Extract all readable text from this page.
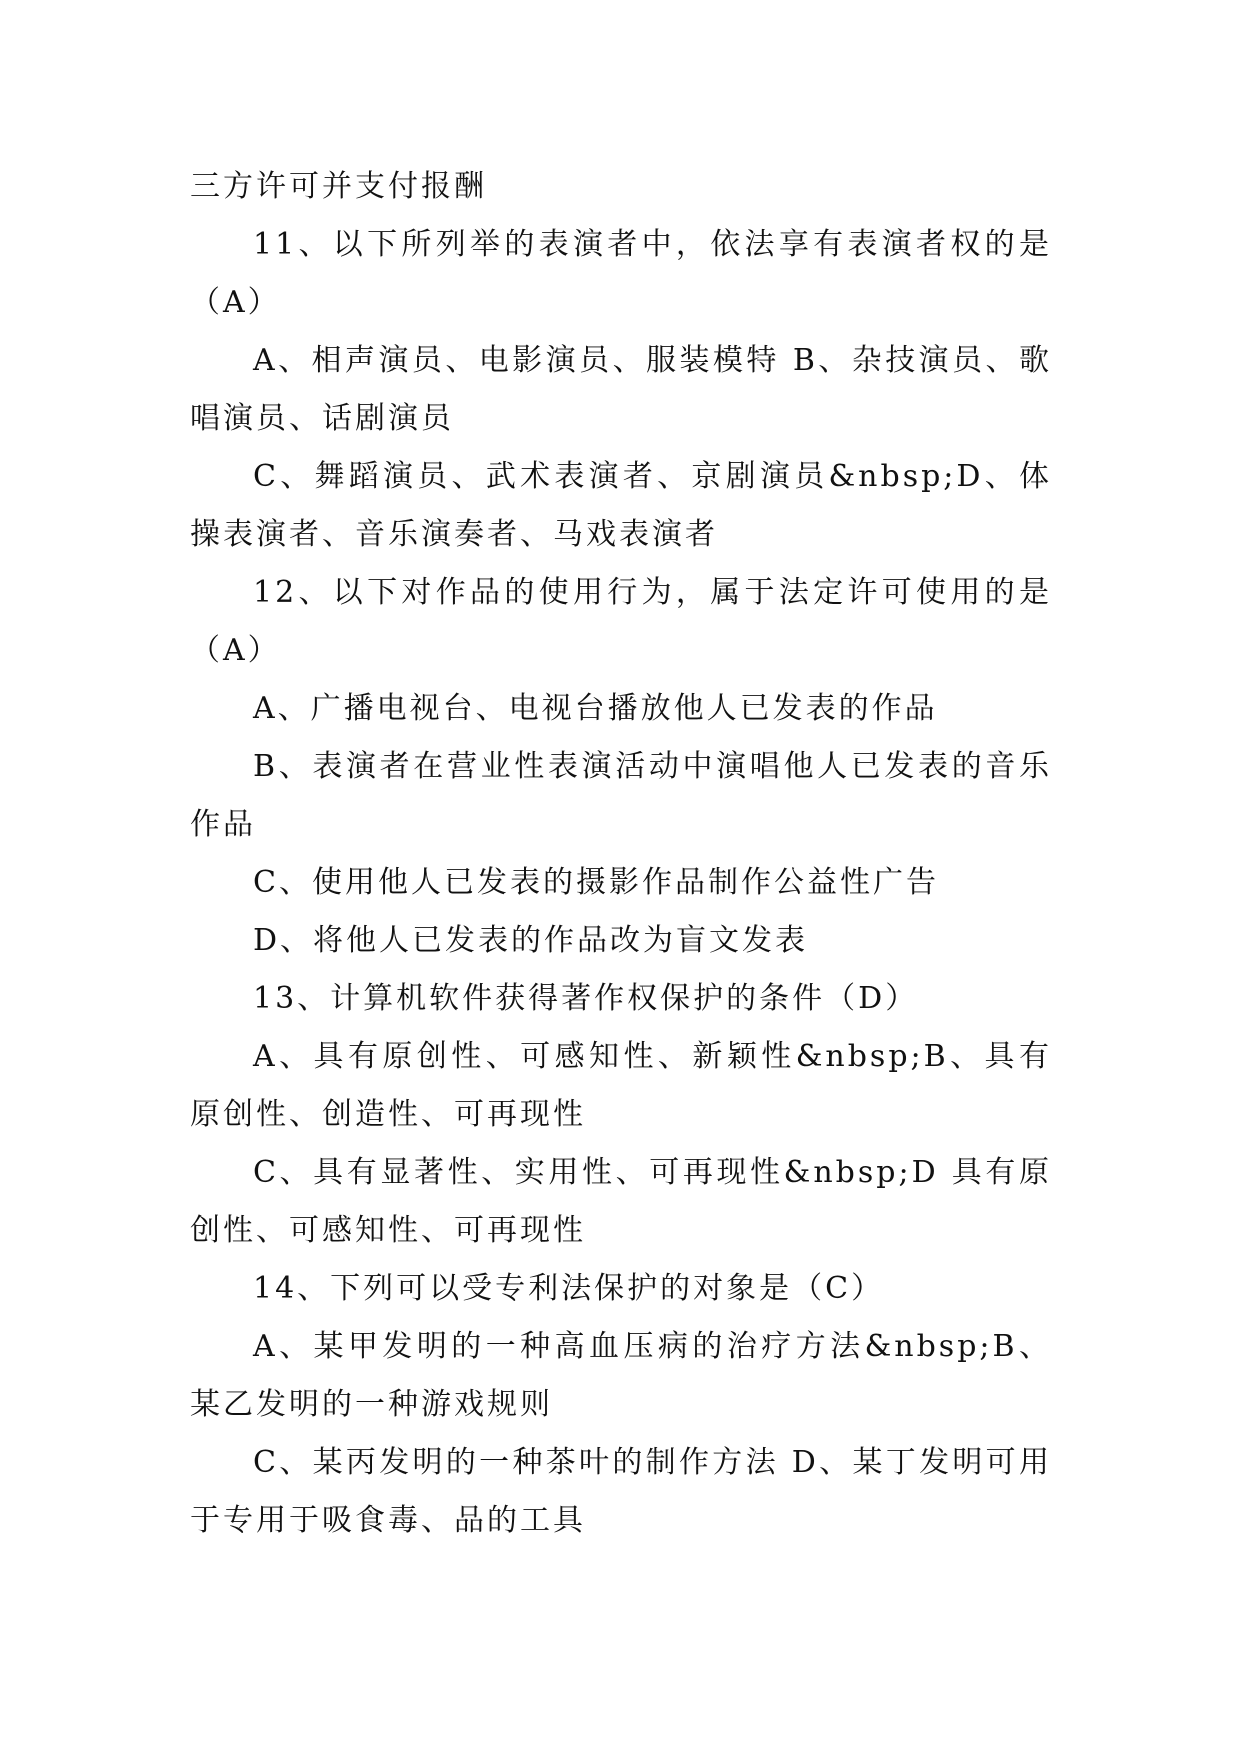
三方许可并支付报酬

11、以下所列举的表演者中，依法享有表演者权的是（A）

A、相声演员、电影演员、服装模特 B、杂技演员、歌唱演员、话剧演员

C、舞蹈演员、武术表演者、京剧演员&nbsp;D、体操表演者、音乐演奏者、马戏表演者

12、以下对作品的使用行为，属于法定许可使用的是（A）

A、广播电视台、电视台播放他人已发表的作品

B、表演者在营业性表演活动中演唱他人已发表的音乐作品

C、使用他人已发表的摄影作品制作公益性广告

D、将他人已发表的作品改为盲文发表

13、计算机软件获得著作权保护的条件（D）

A、具有原创性、可感知性、新颖性&nbsp;B、具有原创性、创造性、可再现性

C、具有显著性、实用性、可再现性&nbsp;D 具有原创性、可感知性、可再现性

14、下列可以受专利法保护的对象是（C）

A、某甲发明的一种高血压病的治疗方法&nbsp;B、某乙发明的一种游戏规则

C、某丙发明的一种茶叶的制作方法 D、某丁发明可用于专用于吸食毒、品的工具
